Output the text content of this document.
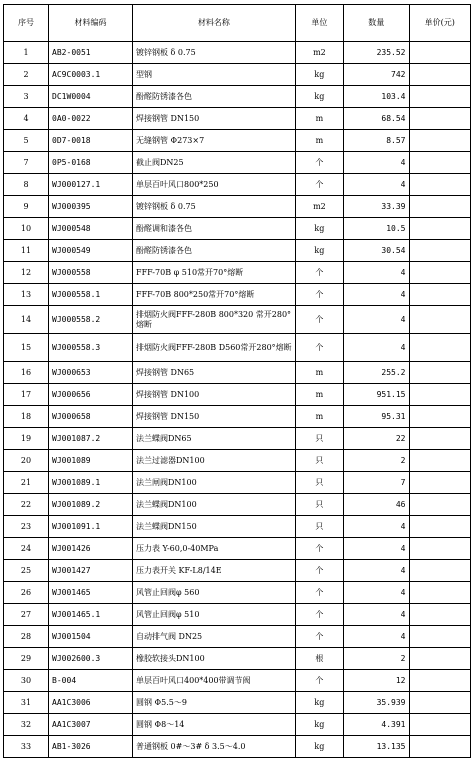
序号	材料编码	材料名称	单位	数量	单价(元)
1	AB2-0051	镀锌钢板 δ 0.75	m2	235.52	
2	AC9C0003.1	型钢	kg	742	
3	DC1W0004	酚醛防锈漆各色	kg	103.4	
4	0A0-0022	焊接钢管 DN150	m	68.54	
5	0D7-0018	无缝钢管 Φ273×7	m	8.57	
7	0P5-0168	截止阀DN25	个	4	
8	WJ000127.1	单层百叶风口800*250	个	4	
9	WJ000395	镀锌钢板 δ 0.75	m2	33.39	
10	WJ000548	酚醛调和漆各色	kg	10.5	
11	WJ000549	酚醛防锈漆各色	kg	30.54	
12	WJ000558	FFF-70B φ 510常开70°熔断	个	4	
13	WJ000558.1	FFF-70B 800*250常开70°熔断	个	4	
14	WJ000558.2	排烟防火阀FFF-280B 800*320 常开280°熔断	个	4	
15	WJ000558.3	排烟防火阀FFF-280B D560常开280°熔断	个	4	
16	WJ000653	焊接钢管 DN65	m	255.2	
17	WJ000656	焊接钢管 DN100	m	951.15	
18	WJ000658	焊接钢管 DN150	m	95.31	
19	WJ001087.2	法兰蝶阀DN65	只	22	
20	WJ001089	法兰过滤器DN100	只	2	
21	WJ001089.1	法兰闸阀DN100	只	7	
22	WJ001089.2	法兰蝶阀DN100	只	46	
23	WJ001091.1	法兰蝶阀DN150	只	4	
24	WJ001426	压力表 Y-60,0-40MPa	个	4	
25	WJ001427	压力表开关 KF-L8/14E	个	4	
26	WJ001465	风管止回阀φ 560	个	4	
27	WJ001465.1	风管止回阀φ 510	个	4	
28	WJ001504	自动排气阀 DN25	个	4	
29	WJ002600.3	橡胶软接头DN100	根	2	
30	B-004	单层百叶风口400*400带调节阀	个	12	
31	AA1C3006	圆钢 Φ5.5～9	kg	35.939	
32	AA1C3007	圆钢 Φ8～14	kg	4.391	
33	AB1-3026	普通钢板 0#～3# δ 3.5～4.0	kg	13.135	
